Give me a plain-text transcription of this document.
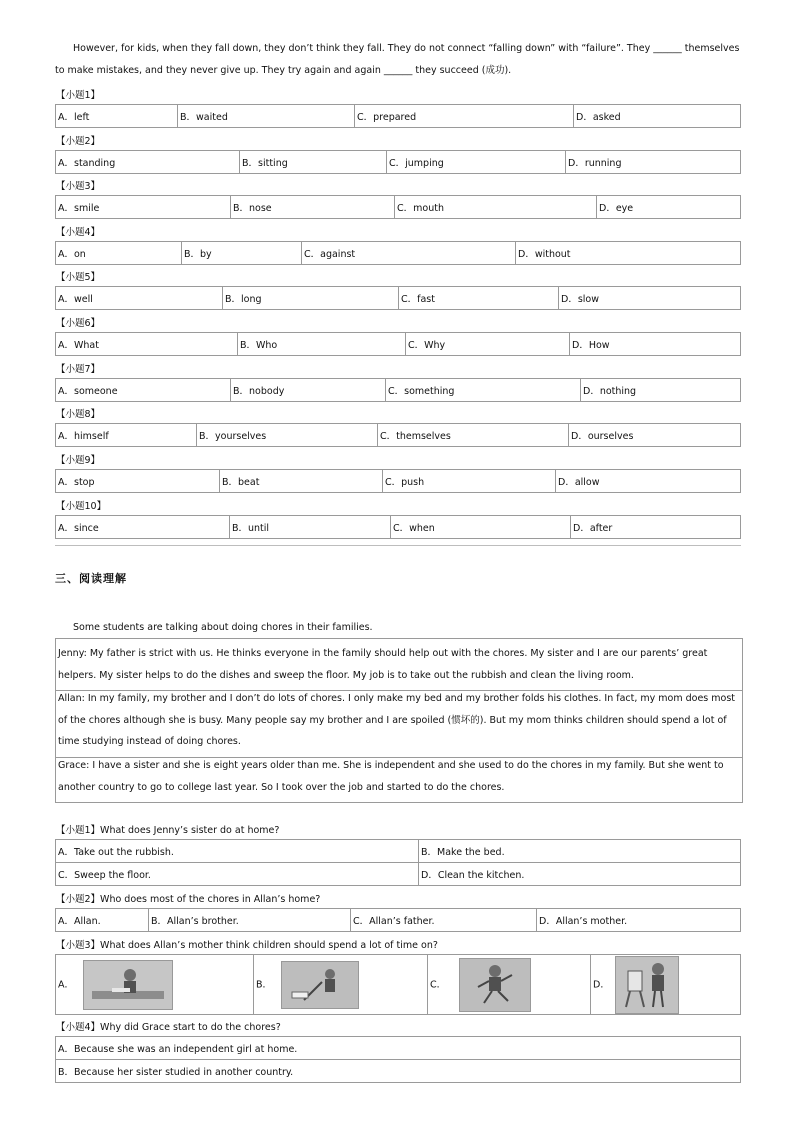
However, for kids, when they fall down, they don’t think they fall. They do not connect “falling down” with “failure”. They ______ themselves to make mistakes, and they never give up. They try again and again ______ they succeed (成功).
【小题1】
A．left	B．waited	C．prepared	D．asked
【小题2】
A．standing	B．sitting	C．jumping	D．running
【小题3】
A．smile	B．nose	C．mouth	D．eye
【小题4】
A．on	B．by	C．against	D．without
【小题5】
A．well	B．long	C．fast	D．slow
【小题6】
A．What	B．Who	C．Why	D．How
【小题7】
A．someone	B．nobody	C．something	D．nothing
【小题8】
A．himself	B．yourselves	C．themselves	D．ourselves
【小题9】
A．stop	B．beat	C．push	D．allow
【小题10】
A．since	B．until	C．when	D．after
三、阅读理解
Some students are talking about doing chores in their families.
Jenny: My father is strict with us. He thinks everyone in the family should help out with the chores. My sister and I are our parents’ great helpers. My sister helps to do the dishes and sweep the floor. My job is to take out the rubbish and clean the living room.
Allan: In my family, my brother and I don’t do lots of chores. I only make my bed and my brother folds his clothes. In fact, my mom does most of the chores although she is busy. Many people say my brother and I are spoiled (惯坏的). But my mom thinks children should spend a lot of time studying instead of doing chores.
Grace: I have a sister and she is eight years older than me. She is independent and she used to do the chores in my family. But she went to another country to go to college last year. So I took over the job and started to do the chores.
【小题1】What does Jenny’s sister do at home?
A．Take out the rubbish.	B．Make the bed.
C．Sweep the floor.	D．Clean the kitchen.
【小题2】Who does most of the chores in Allan’s home?
A．Allan.	B．Allan’s brother.	C．Allan’s father.	D．Allan’s mother.
【小题3】What does Allan’s mother think children should spend a lot of time on?
A．	B．	C．	D．
【小题4】Why did Grace start to do the chores?
A．Because she was an independent girl at home.
B．Because her sister studied in another country.
